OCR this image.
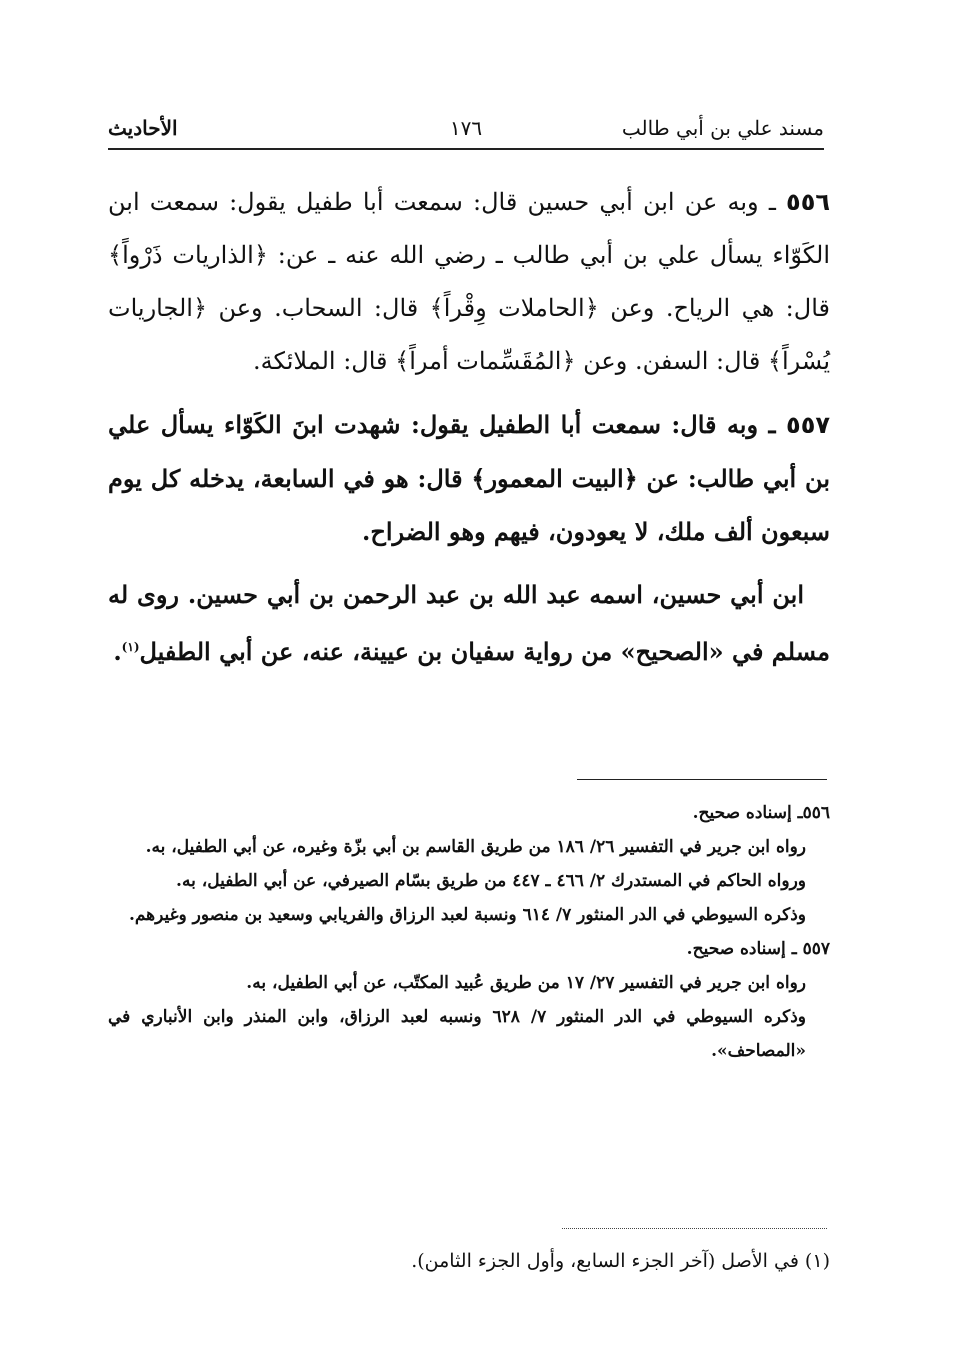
مسند علي بن أبي طالب
١٧٦
الأحاديث

٥٥٦ ـ وبه عن ابن أبي حسين قال: سمعت أبا طفيل يقول: سمعت ابن الكَوّاء يسأل علي بن أبي طالب ـ رضي الله عنه ـ عن: ﴿الذاريات ذَرْواً﴾ قال: هي الرياح. وعن ﴿الحاملات وِقْراً﴾ قال: السحاب. وعن ﴿الجاريات يُسْراً﴾ قال: السفن. وعن ﴿المُقَسِّمات أمراً﴾ قال: الملائكة.

٥٥٧ ـ وبه قال: سمعت أبا الطفيل يقول: شهدت ابنَ الكَوّاء يسأل علي بن أبي طالب: عن ﴿البيت المعمور﴾ قال: هو في السابعة، يدخله كل يوم سبعون ألف ملك، لا يعودون، فيهم وهو الضراح.

ابن أبي حسين، اسمه عبد الله بن عبد الرحمن بن أبي حسين. روى له مسلم في «الصحيح» من رواية سفيان بن عيينة، عنه، عن أبي الطفيل$^{(١)}$.

٥٥٦ـ إسناده صحيح.

رواه ابن جرير في التفسير ٢٦/ ١٨٦ من طريق القاسم بن أبي بزّة وغيره، عن أبي الطفيل، به.

ورواه الحاكم في المستدرك ٢/ ٤٦٦ ـ ٤٤٧ من طريق بسّام الصيرفي، عن أبي الطفيل، به.

وذكره السيوطي في الدر المنثور ٧/ ٦١٤ ونسبة لعبد الرزاق والفريابي وسعيد بن منصور وغيرهم.

٥٥٧ ـ إسناده صحيح.

رواه ابن جرير في التفسير ٢٧/ ١٧ من طريق عُبيد المكتّب، عن أبي الطفيل، به.

وذكره السيوطي في الدر المنثور ٧/ ٦٢٨ ونسبه لعبد الرزاق، وابن المنذر وابن الأنباري في «المصاحف».

(١) في الأصل (آخر الجزء السابع، وأول الجزء الثامن).
